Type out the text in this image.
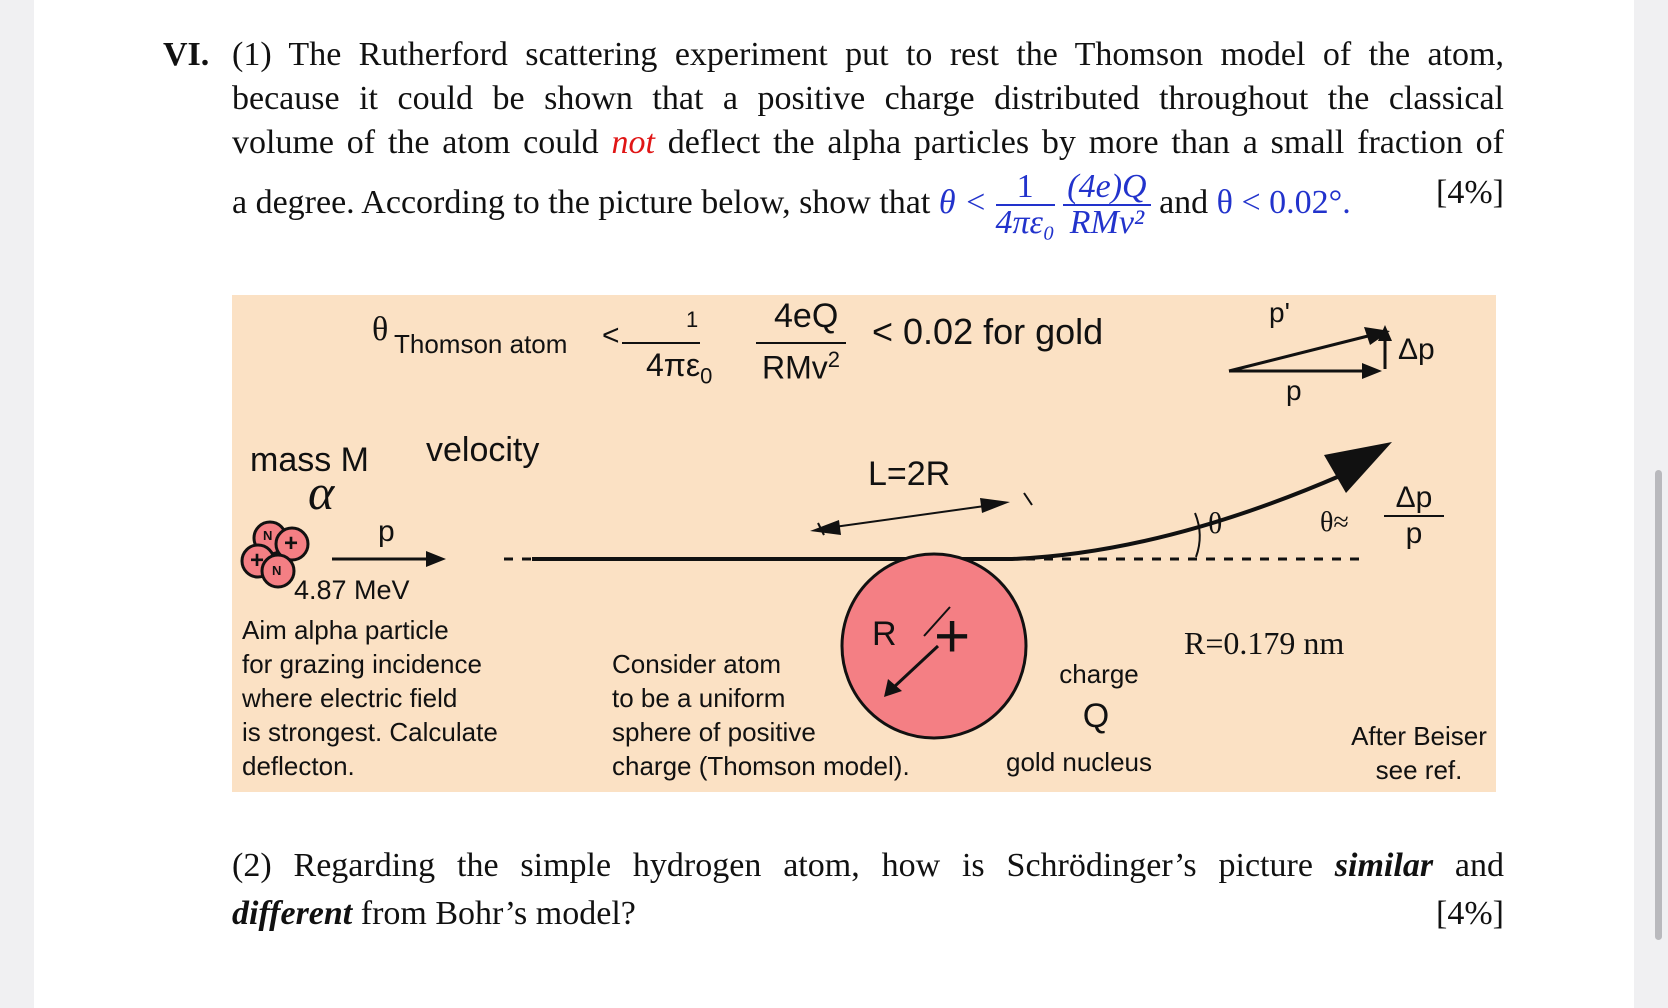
VI. (1) The Rutherford scattering experiment put to rest the Thomson model of the atom,
because it could be shown that a positive charge distributed throughout the classical
volume of the atom could not deflect the alpha particles by more than a small fraction of
a degree. According to the picture below, show that $\theta < \frac{1}{\text{4πε₀}}$
$\frac{(4e)Q}{\text{RMv²}}$ and θ < 0.02°.	[4%]
N +
+ N
θ Thomson atom <	1
$4\pi\varepsilon_0$
4eQ
RMv$^2$
< 0.02 for gold	p'
Δp
p
mass M velocity
α
p
4.87 MeV
Aim alpha particle
for grazing incidence
where electric field
is strongest. Calculate
deflecton.
Consider atom
to be a uniform
sphere of positive
charge (Thomson model).
L=2R
R +
charge
Q
gold nucleus
θ	θ≈
Δp
p
R=0.179 nm
After Beiser
see ref.
(2) Regarding the simple hydrogen atom, how is Schrödinger’s picture similar and
different from Bohr’s model?	[4%]
